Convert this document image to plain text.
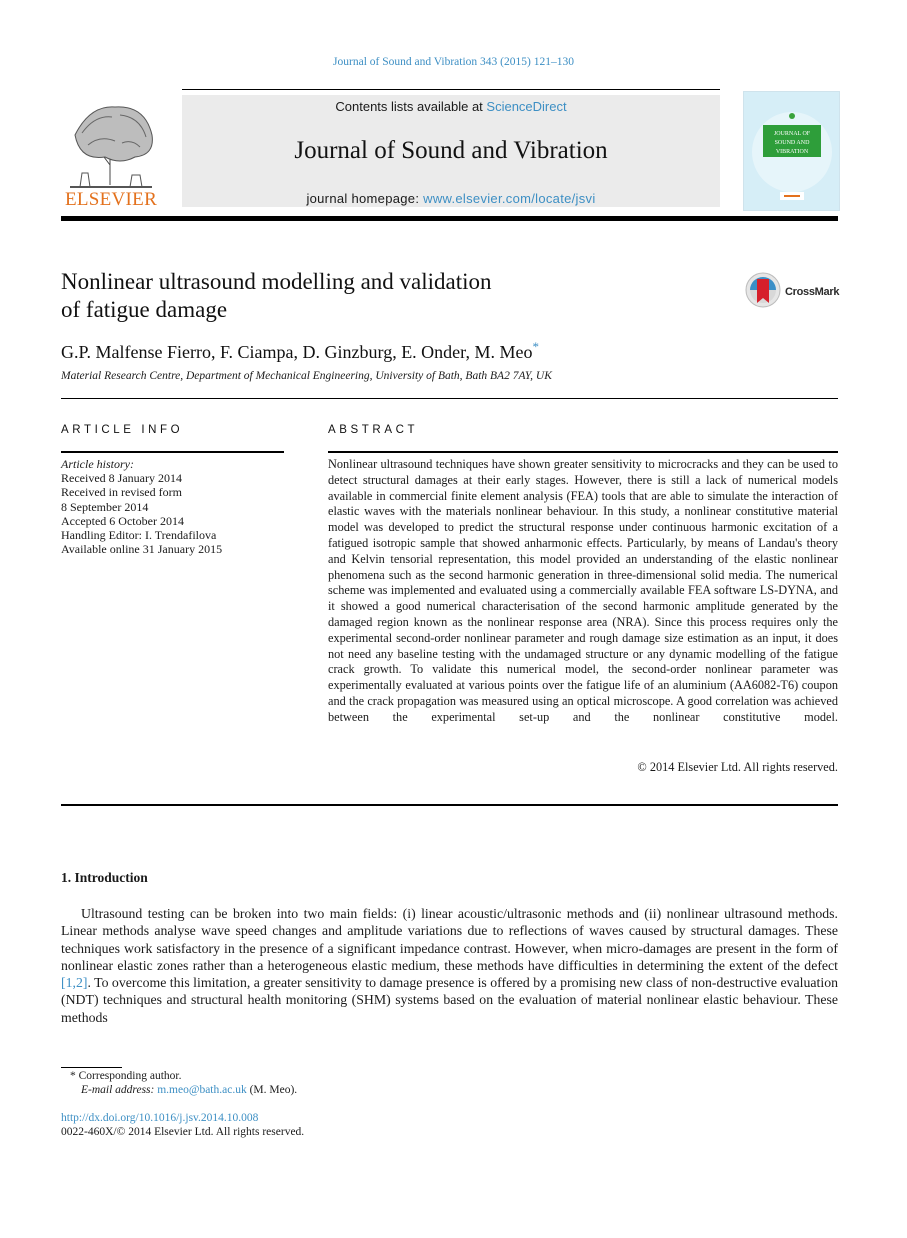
Journal of Sound and Vibration 343 (2015) 121–130
ELSEVIER
Contents lists available at ScienceDirect
Journal of Sound and Vibration
journal homepage: www.elsevier.com/locate/jsvi
JOURNAL OF
SOUND AND
VIBRATION
Nonlinear ultrasound modelling and validation
of fatigue damage
CrossMark
G.P. Malfense Fierro, F. Ciampa, D. Ginzburg, E. Onder, M. Meo*
Material Research Centre, Department of Mechanical Engineering, University of Bath, Bath BA2 7AY, UK
ARTICLE INFO	ABSTRACT
Article history:
Received 8 January 2014
Received in revised form
8 September 2014
Accepted 6 October 2014
Handling Editor: I. Trendafilova
Available online 31 January 2015
Nonlinear ultrasound techniques have shown greater sensitivity to microcracks and they can be used to detect structural damages at their early stages. However, there is still a lack of numerical models available in commercial finite element analysis (FEA) tools that are able to simulate the interaction of elastic waves with the materials nonlinear behaviour. In this study, a nonlinear constitutive material model was developed to predict the structural response under continuous harmonic excitation of a fatigued isotropic sample that showed anharmonic effects. Particularly, by means of Landau's theory and Kelvin tensorial representation, this model provided an understanding of the elastic nonlinear phenomena such as the second harmonic generation in three-dimensional solid media. The numerical scheme was implemented and evaluated using a commercially available FEA software LS-DYNA, and it showed a good numerical characterisation of the second harmonic amplitude generated by the damaged region known as the nonlinear response area (NRA). Since this process requires only the experimental second-order nonlinear parameter and rough damage size estimation as an input, it does not need any baseline testing with the undamaged structure or any dynamic modelling of the fatigue crack growth. To validate this numerical model, the second-order nonlinear parameter was experimentally evaluated at various points over the fatigue life of an aluminium (AA6082-T6) coupon and the crack propagation was measured using an optical microscope. A good correlation was achieved between the experimental set-up and the nonlinear constitutive model.
© 2014 Elsevier Ltd. All rights reserved.
1. Introduction
Ultrasound testing can be broken into two main fields: (i) linear acoustic/ultrasonic methods and (ii) nonlinear ultrasound methods. Linear methods analyse wave speed changes and amplitude variations due to reflections of waves caused by structural damages. These techniques work satisfactory in the presence of a significant impedance contrast. However, when micro-damages are present in the form of nonlinear elastic zones rather than a heterogeneous elastic medium, these methods have difficulties in determining the extent of the defect [1,2]. To overcome this limitation, a greater sensitivity to damage presence is offered by a promising new class of non-destructive evaluation (NDT) techniques and structural health monitoring (SHM) systems based on the evaluation of material nonlinear elastic behaviour. These methods
* Corresponding author.
E-mail address: m.meo@bath.ac.uk (M. Meo).
http://dx.doi.org/10.1016/j.jsv.2014.10.008
0022-460X/© 2014 Elsevier Ltd. All rights reserved.
